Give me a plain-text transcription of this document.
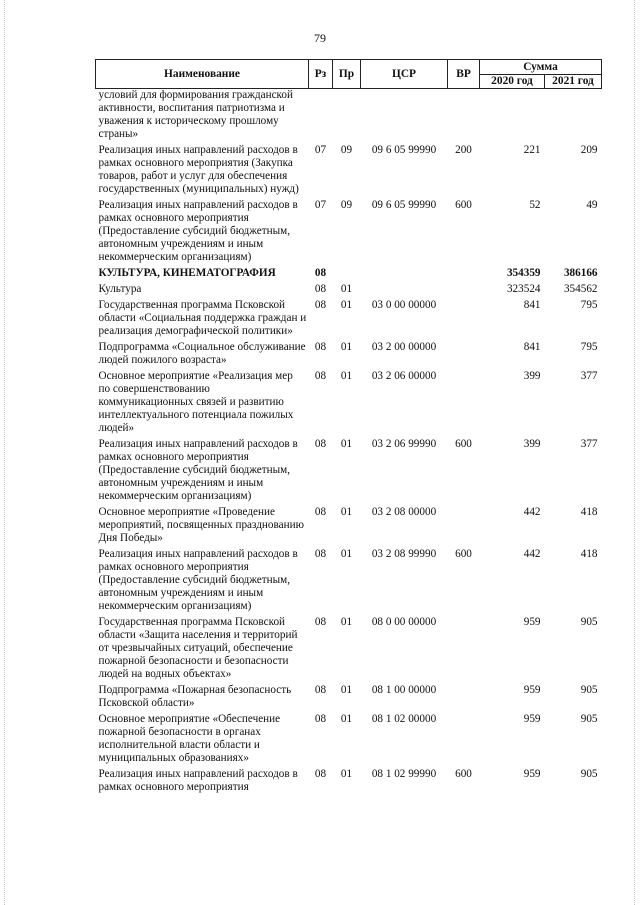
79
Наименование	Рз	Пр	ЦСР	ВР	Сумма	
					2020 год	2021 год
условий для формирования гражданской активности, воспитания патриотизма и уважения к историческому прошлому страны»						
Реализация иных направлений расходов в рамках основного мероприятия (Закупка товаров, работ и услуг для обеспечения государственных (муниципальных) нужд)	07	09	09 6 05 99990	200	221	209
Реализация иных направлений расходов в рамках основного мероприятия (Предоставление субсидий бюджетным, автономным учреждениям и иным некоммерческим организациям)	07	09	09 6 05 99990	600	52	49
КУЛЬТУРА, КИНЕМАТОГРАФИЯ	08				354359	386166
Культура	08	01			323524	354562
Государственная программа Псковской области «Социальная поддержка граждан и реализация демографической политики»	08	01	03 0 00 00000		841	795
Подпрограмма «Социальное обслуживание людей пожилого возраста»	08	01	03 2 00 00000		841	795
Основное мероприятие «Реализация мер по совершенствованию коммуникационных связей и развитию интеллектуального потенциала пожилых людей»	08	01	03 2 06 00000		399	377
Реализация иных направлений расходов в рамках основного мероприятия (Предоставление субсидий бюджетным, автономным учреждениям и иным некоммерческим организациям)	08	01	03 2 06 99990	600	399	377
Основное мероприятие «Проведение мероприятий, посвященных празднованию Дня Победы»	08	01	03 2 08 00000		442	418
Реализация иных направлений расходов в рамках основного мероприятия (Предоставление субсидий бюджетным, автономным учреждениям и иным некоммерческим организациям)	08	01	03 2 08 99990	600	442	418
Государственная программа Псковской области «Защита населения и территорий от чрезвычайных ситуаций, обеспечение пожарной безопасности и безопасности людей на водных объектах»	08	01	08 0 00 00000		959	905
Подпрограмма «Пожарная безопасность Псковской области»	08	01	08 1 00 00000		959	905
Основное мероприятие «Обеспечение пожарной безопасности в органах исполнительной власти области и муниципальных образованиях»	08	01	08 1 02 00000		959	905
Реализация иных направлений расходов в рамках основного мероприятия	08	01	08 1 02 99990	600	959	905
